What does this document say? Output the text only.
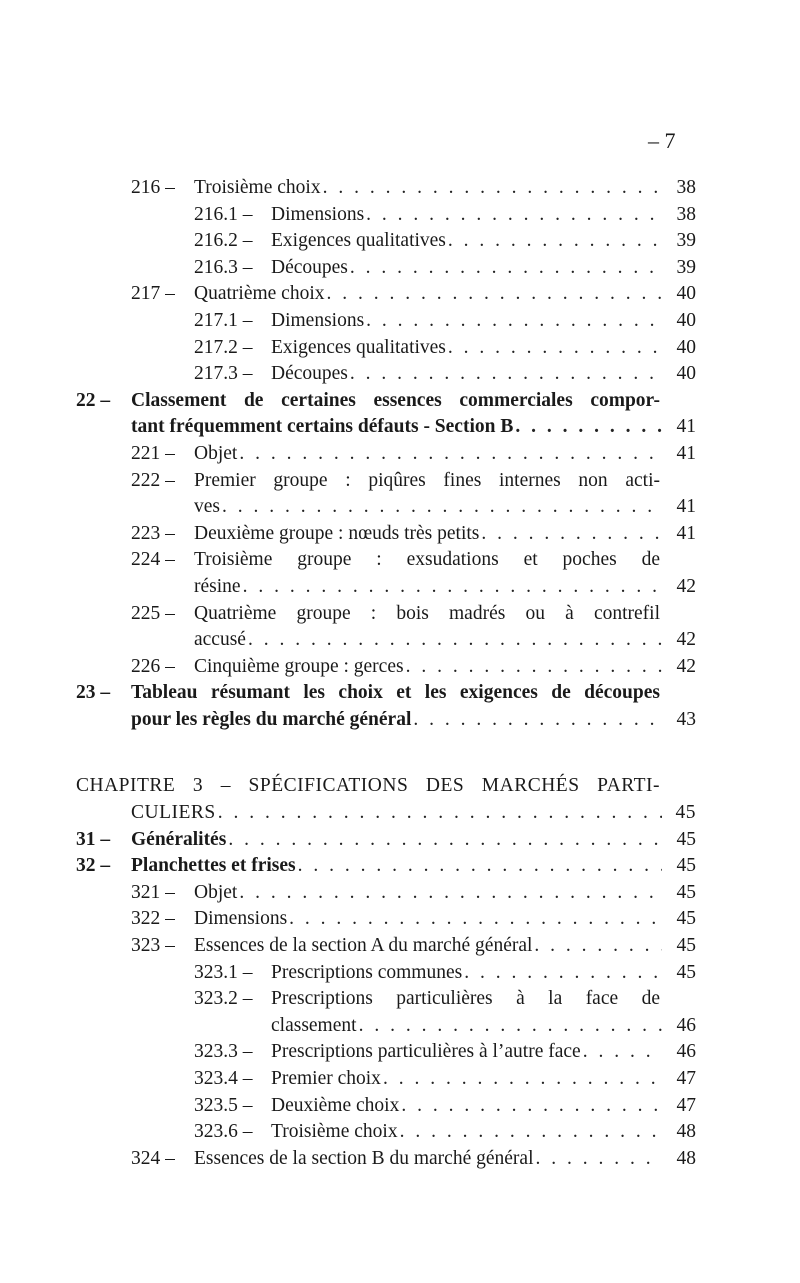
– 7
216 – Troisième choix . . .	38
216.1 – Dimensions . . .	38
216.2 – Exigences qualitatives . . .	39
216.3 – Découpes . . .	39
217 – Quatrième choix . . .	40
217.1 – Dimensions . . .	40
217.2 – Exigences qualitatives . . .	40
217.3 – Découpes . . .	40
22 –	Classement de certaines essences commerciales compor-
tant fréquemment certains défauts - Section B . . .	41
221 – Objet . . .	41
222 – Premier groupe : piqûres fines internes non acti-
ves . . .	41
223 – Deuxième groupe : nœuds très petits . . .	41
224 – Troisième groupe : exsudations et poches de
résine . . .	42
225 – Quatrième groupe : bois madrés ou à contrefil
accusé . . .	42
226 – Cinquième groupe : gerces . . .	42
23 –	Tableau résumant les choix et les exigences de découpes
pour les règles du marché général . . .	43
CHAPITRE 3 – SPÉCIFICATIONS DES MARCHÉS PARTI-
CULIERS . . .	45
31 –	Généralités . . .	45
32 –	Planchettes et frises . . .	45
321 – Objet . . .	45
322 – Dimensions . . .	45
323 – Essences de la section A du marché général . . .	45
323.1 – Prescriptions communes . . .	45
323.2 – Prescriptions particulières à la face de
classement . . .	46
323.3 – Prescriptions particulières à l’autre face . . .	46
323.4 – Premier choix . . .	47
323.5 – Deuxième choix . . .	47
323.6 – Troisième choix . . .	48
324 – Essences de la section B du marché général . . .	48
